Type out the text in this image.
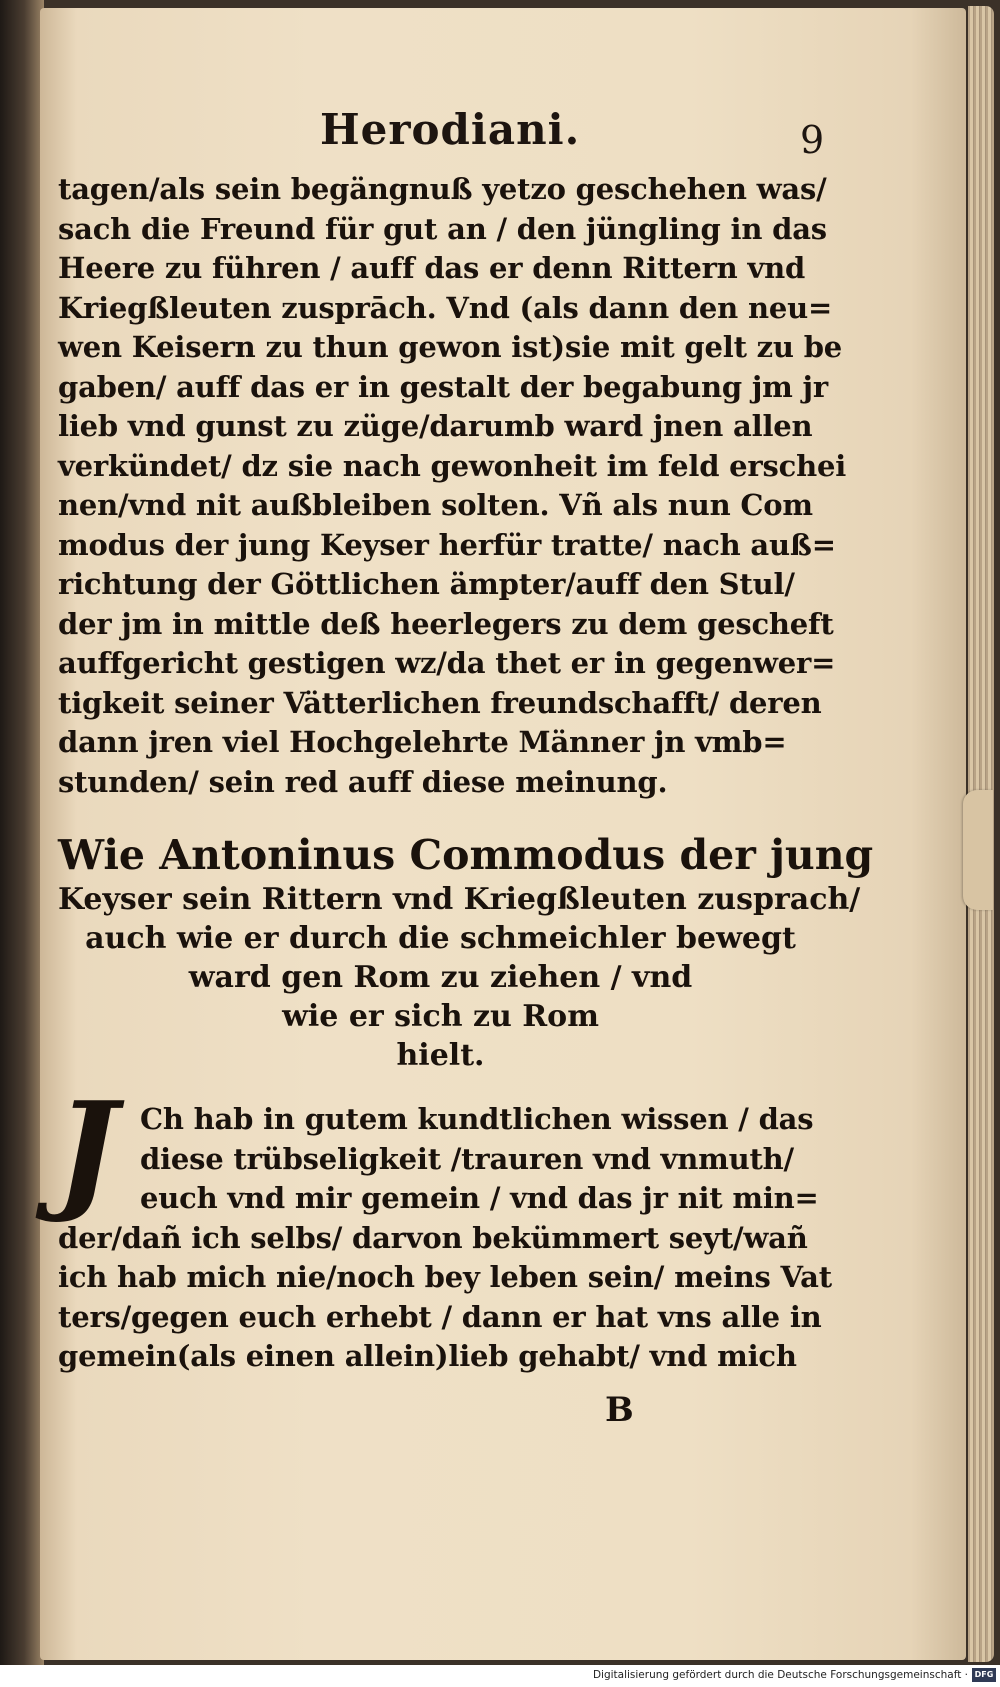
Herodiani.	9
tagen/als sein begängnuß yetzo geschehen was/
sach die Freund für gut an / den jüngling in das
Heere zu führen / auff das er denn Rittern vnd
Kriegßleuten zusprāch. Vnd (als dann den neu=
wen Keisern zu thun gewon ist)sie mit gelt zu be
gaben/ auff das er in gestalt der begabung jm jr
lieb vnd gunst zu züge/darumb ward jnen allen
verkündet/ dz sie nach gewonheit im feld erschei
nen/vnd nit außbleiben solten. Vñ als nun Com
modus der jung Keyser herfür tratte/ nach auß=
richtung der Göttlichen ämpter/auff den Stul/
der jm in mittle deß heerlegers zu dem gescheft
auffgericht gestigen wz/da thet er in gegenwer=
tigkeit seiner Vätterlichen freundschafft/ deren
dann jren viel Hochgelehrte Männer jn vmb=
stunden/ sein red auff diese meinung.
Wie Antoninus Commodus der jung
Keyser sein Rittern vnd Kriegßleuten zusprach/
auch wie er durch die schmeichler bewegt
ward gen Rom zu ziehen / vnd
wie er sich zu Rom
hielt.
J Ch hab in gutem kundtlichen wissen / das
diese trübseligkeit /trauren vnd vnmuth/
euch vnd mir gemein / vnd das jr nit min=
der/dañ ich selbs/ darvon bekümmert seyt/wañ
ich hab mich nie/noch bey leben sein/ meins Vat
ters/gegen euch erhebt / dann er hat vns alle in
gemein(als einen allein)lieb gehabt/ vnd mich
B
Digitalisierung gefördert durch die Deutsche Forschungsgemeinschaft · DFG
